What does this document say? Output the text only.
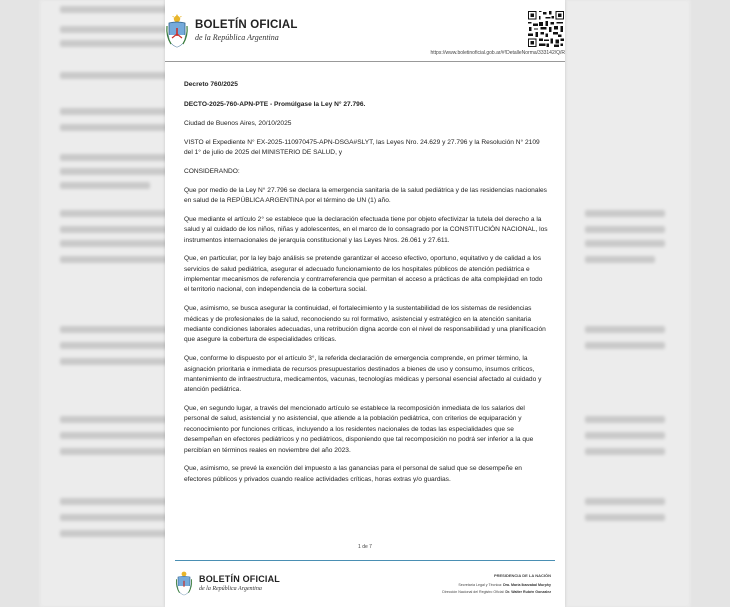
BOLETÍN OFICIAL
de la República Argentina
https://www.boletinoficial.gob.ar/#!DetalleNorma/333142/Q/R

Decreto 760/2025

DECTO-2025-760-APN-PTE - Promúlgase la Ley N° 27.796.

Ciudad de Buenos Aires, 20/10/2025

VISTO el Expediente N° EX-2025-110970475-APN-DSGA#SLYT, las Leyes Nro. 24.629 y 27.796 y la Resolución N° 2109 del 1° de julio de 2025 del MINISTERIO DE SALUD, y

CONSIDERANDO:

Que por medio de la Ley N° 27.796 se declara la emergencia sanitaria de la salud pediátrica y de las residencias nacionales en salud de la REPÚBLICA ARGENTINA por el término de UN (1) año.

Que mediante el artículo 2° se establece que la declaración efectuada tiene por objeto efectivizar la tutela del derecho a la salud y al cuidado de los niños, niñas y adolescentes, en el marco de lo consagrado por la CONSTITUCIÓN NACIONAL, los instrumentos internacionales de jerarquía constitucional y las Leyes Nros. 26.061 y 27.611.

Que, en particular, por la ley bajo análisis se pretende garantizar el acceso efectivo, oportuno, equitativo y de calidad a los servicios de salud pediátrica, asegurar el adecuado funcionamiento de los hospitales públicos de atención pediátrica e implementar mecanismos de referencia y contrarreferencia que permitan el acceso a prácticas de alta complejidad en todo el territorio nacional, con independencia de la cobertura social.

Que, asimismo, se busca asegurar la continuidad, el fortalecimiento y la sustentabilidad de los sistemas de residencias médicas y de profesionales de la salud, reconociendo su rol formativo, asistencial y estratégico en la atención sanitaria mediante condiciones laborales adecuadas, una retribución digna acorde con el nivel de responsabilidad y una planificación que asegure la cobertura de especialidades críticas.

Que, conforme lo dispuesto por el artículo 3°, la referida declaración de emergencia comprende, en primer término, la asignación prioritaria e inmediata de recursos presupuestarios destinados a bienes de uso y consumo, insumos críticos, mantenimiento de infraestructura, medicamentos, vacunas, tecnologías médicas y personal esencial afectado al cuidado y atención pediátrica.

Que, en segundo lugar, a través del mencionado artículo se establece la recomposición inmediata de los salarios del personal de salud, asistencial y no asistencial, que atiende a la población pediátrica, con criterios de equiparación y reconocimiento por funciones críticas, incluyendo a los residentes nacionales de todas las especialidades que se desempeñan en efectores pediátricos y no pediátricos, disponiendo que tal recomposición no podrá ser inferior a la que percibían en términos reales en noviembre del año 2023.

Que, asimismo, se prevé la exención del impuesto a las ganancias para el personal de salud que se desempeñe en efectores públicos y privados cuando realice actividades críticas, horas extras y/o guardias.

1 de 7
BOLETÍN OFICIAL
de la República Argentina
PRESIDENCIA DE LA NACIÓN
Secretaría Legal y Técnica: Dra. María Ibarzabal Murphy
Dirección Nacional del Registro Oficial: Dr. Walter Rubén Gonzalez
